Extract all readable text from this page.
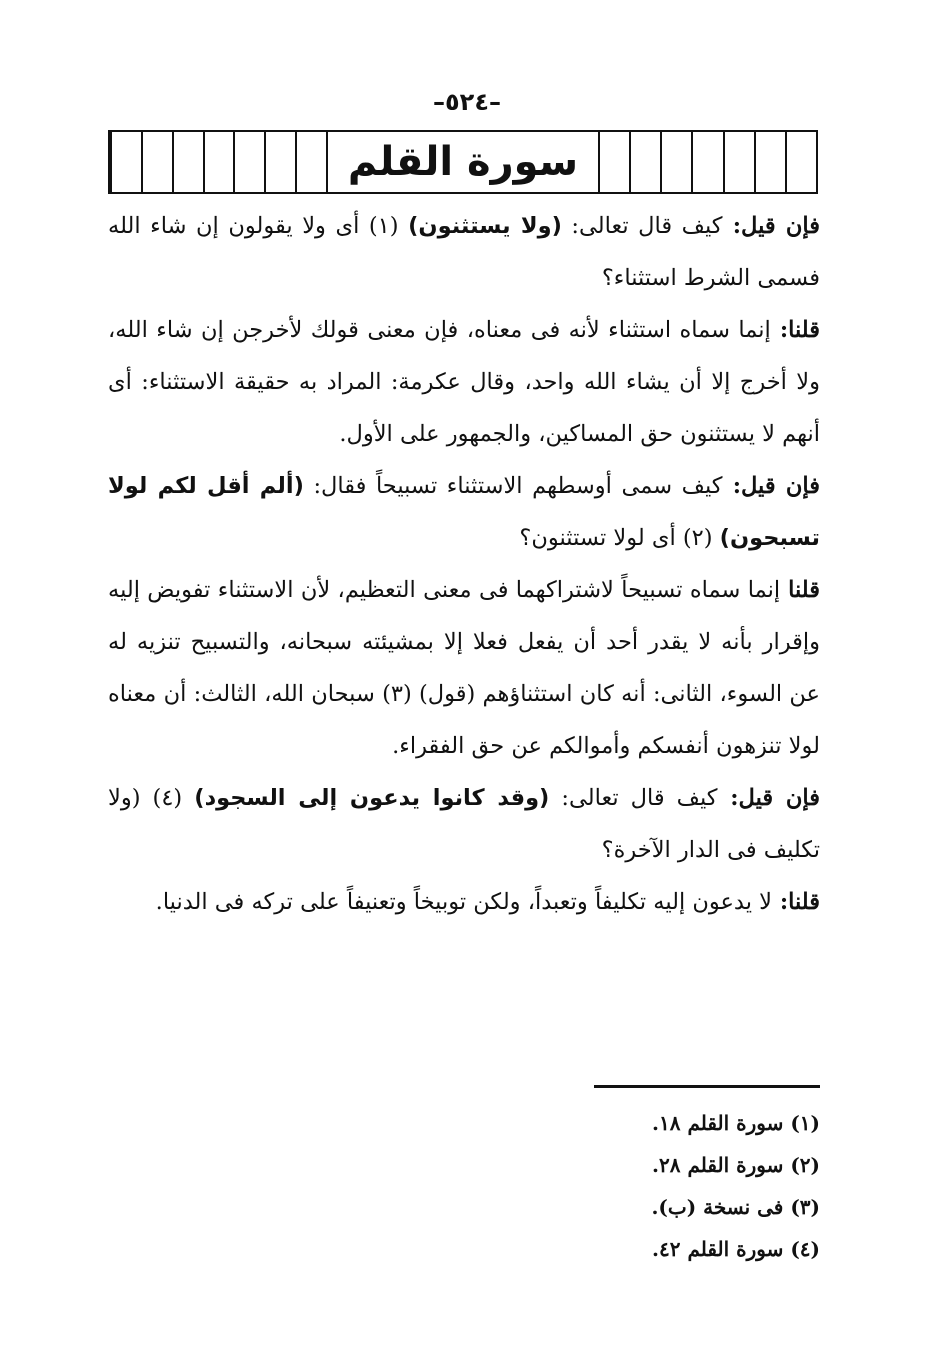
–٥٢٤–
سورة القلم

فإن قيل: كيف قال تعالى: (ولا يستثنون) (١) أى ولا يقولون إن شاء الله فسمى الشرط استثناء؟

قلنا: إنما سماه استثناء لأنه فى معناه، فإن معنى قولك لأخرجن إن شاء الله، ولا أخرج إلا أن يشاء الله واحد، وقال عكرمة: المراد به حقيقة الاستثناء: أى أنهم لا يستثنون حق المساكين، والجمهور على الأول.

فإن قيل: كيف سمى أوسطهم الاستثناء تسبيحاً فقال: (ألم أقل لكم لولا تسبحون) (٢) أى لولا تستثنون؟

قلنا إنما سماه تسبيحاً لاشتراكهما فى معنى التعظيم، لأن الاستثناء تفويض إليه وإقرار بأنه لا يقدر أحد أن يفعل فعلا إلا بمشيئته سبحانه، والتسبيح تنزيه له عن السوء، الثانى: أنه كان استثناؤهم (قول) (٣) سبحان الله، الثالث: أن معناه لولا تنزهون أنفسكم وأموالكم عن حق الفقراء.

فإن قيل: كيف قال تعالى: (وقد كانوا يدعون إلى السجود) (٤) (ولا تكليف فى الدار الآخرة؟

قلنا: لا يدعون إليه تكليفاً وتعبداً، ولكن توبيخاً وتعنيفاً على تركه فى الدنيا.

(١) سورة القلم ١٨.
(٢) سورة القلم ٢٨.
(٣) فى نسخة (ب).
(٤) سورة القلم ٤٢.
